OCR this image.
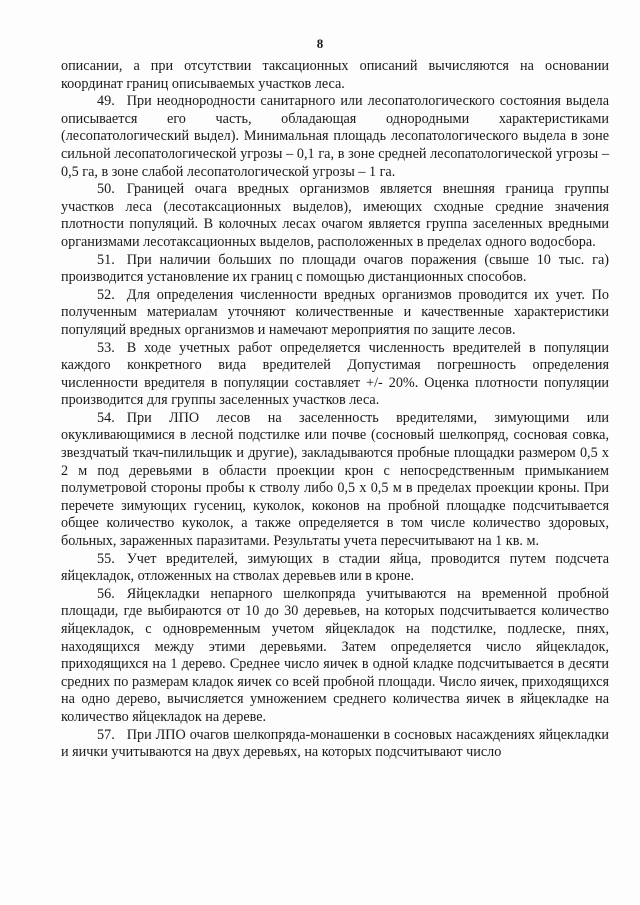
8

описании, а при отсутствии таксационных описаний вычисляются на основании координат границ описываемых участков леса.

49. При неоднородности санитарного или лесопатологического состояния выдела описывается его часть, обладающая однородными характеристиками (лесопатологический выдел). Минимальная площадь лесопатологического выдела в зоне сильной лесопатологической угрозы – 0,1 га, в зоне средней лесопатологической угрозы – 0,5 га, в зоне слабой лесопатологической угрозы – 1 га.

50. Границей очага вредных организмов является внешняя граница группы участков леса (лесотаксационных выделов), имеющих сходные средние значения плотности популяций. В колочных лесах очагом является группа заселенных вредными организмами лесотаксационных выделов, расположенных в пределах одного водосбора.

51. При наличии больших по площади очагов поражения (свыше 10 тыс. га) производится установление их границ с помощью дистанционных способов.

52. Для определения численности вредных организмов проводится их учет. По полученным материалам уточняют количественные и качественные характеристики популяций вредных организмов и намечают мероприятия по защите лесов.

53. В ходе учетных работ определяется численность вредителей в популяции каждого конкретного вида вредителей Допустимая погрешность определения численности вредителя в популяции составляет +/- 20%. Оценка плотности популяции производится для группы заселенных участков леса.

54. При ЛПО лесов на заселенность вредителями, зимующими или окукливающимися в лесной подстилке или почве (сосновый шелкопряд, сосновая совка, звездчатый ткач-пилильщик и другие), закладываются пробные площадки размером 0,5 х 2 м под деревьями в области проекции крон с непосредственным примыканием полуметровой стороны пробы к стволу либо 0,5 х 0,5 м в пределах проекции кроны. При перечете зимующих гусениц, куколок, коконов на пробной площадке подсчитывается общее количество куколок, а также определяется в том числе количество здоровых, больных, зараженных паразитами. Результаты учета пересчитывают на 1 кв. м.

55. Учет вредителей, зимующих в стадии яйца, проводится путем подсчета яйцекладок, отложенных на стволах деревьев или в кроне.

56. Яйцекладки непарного шелкопряда учитываются на временной пробной площади, где выбираются от 10 до 30 деревьев, на которых подсчитывается количество яйцекладок, с одновременным учетом яйцекладок на подстилке, подлеске, пнях, находящихся между этими деревьями. Затем определяется число яйцекладок, приходящихся на 1 дерево. Среднее число яичек в одной кладке подсчитывается в десяти средних по размерам кладок яичек со всей пробной площади. Число яичек, приходящихся на одно дерево, вычисляется умножением среднего количества яичек в яйцекладке на количество яйцекладок на дереве.

57. При ЛПО очагов шелкопряда-монашенки в сосновых насаждениях яйцекладки и яички учитываются на двух деревьях, на которых подсчитывают число
